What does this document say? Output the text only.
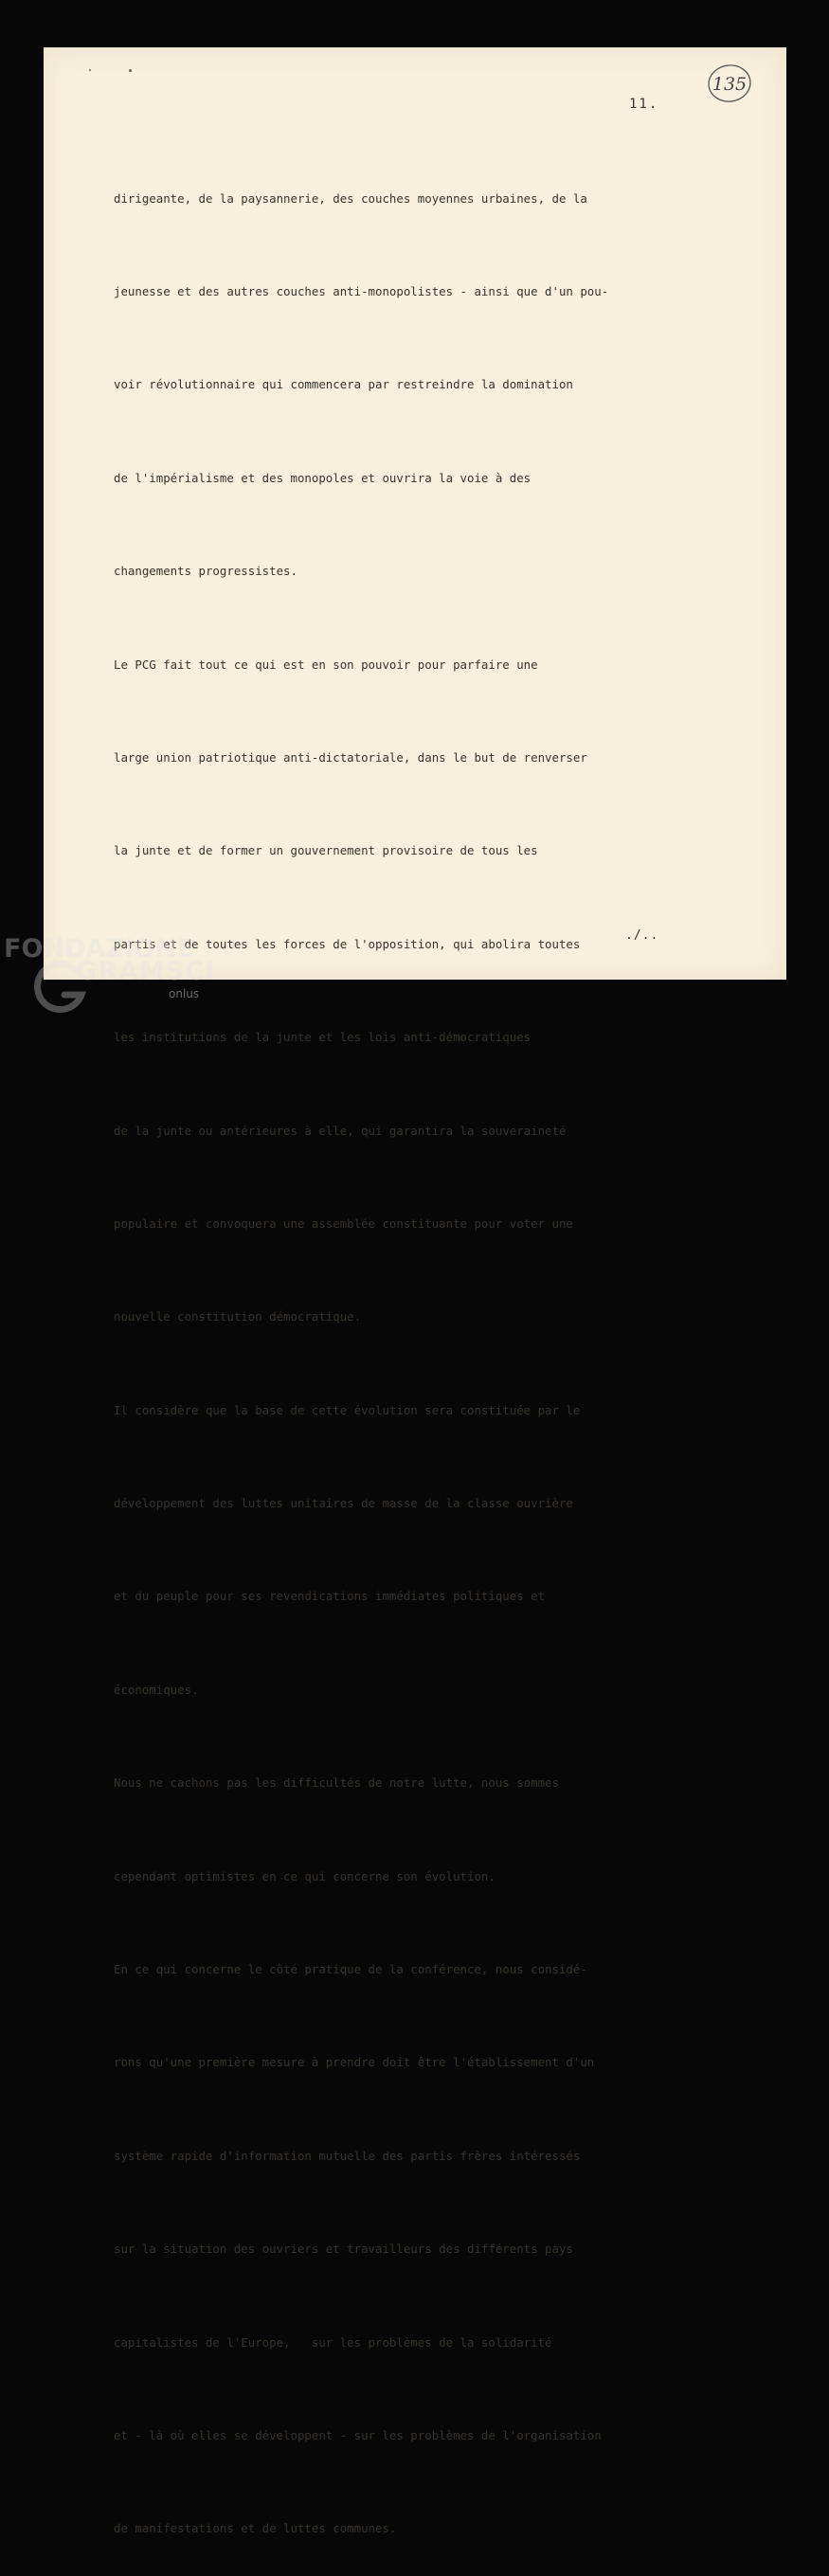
11.
135

dirigeante, de la paysannerie, des couches moyennes urbaines, de la

jeunesse et des autres couches anti-monopolistes - ainsi que d'un pou-

voir révolutionnaire qui commencera par restreindre la domination

de l'impérialisme et des monopoles et ouvrira la voie à des

changements progressistes.

Le PCG fait tout ce qui est en son pouvoir pour parfaire une

large union patriotique anti-dictatoriale, dans le but de renverser

la junte et de former un gouvernement provisoire de tous les

partis et de toutes les forces de l'opposition, qui abolira toutes

les institutions de la junte et les lois anti-démocratiques

de la junte ou antérieures à elle, qui garantira la souveraineté

populaire et convoquera une assemblée constituante pour voter une

nouvelle constitution démocratique.

Il considère que la base de cette évolution sera constituée par le

développement des luttes unitaires de masse de la classe ouvrière

et du peuple pour ses revendications immédiates politiques et

économiques.

Nous ne cachons pas les difficultés de notre lutte, nous sommes

cependant optimistes en ce qui concerne son évolution.

En ce qui concerne le côté pratique de la conférence, nous considé-

rons qu'une première mesure à prendre doit être l'établissement d'un

système rapide d'information mutuelle des partis frères intéressés

sur la situation des ouvriers et travailleurs des différents pays

capitalistes de l'Europe,   sur les problèmes de la solidarité

et - là où elles se développent - sur les problèmes de l'organisation

de manifestations et de luttes communes.

./..
FONDAZIONE
GRAMSCI
onlus
